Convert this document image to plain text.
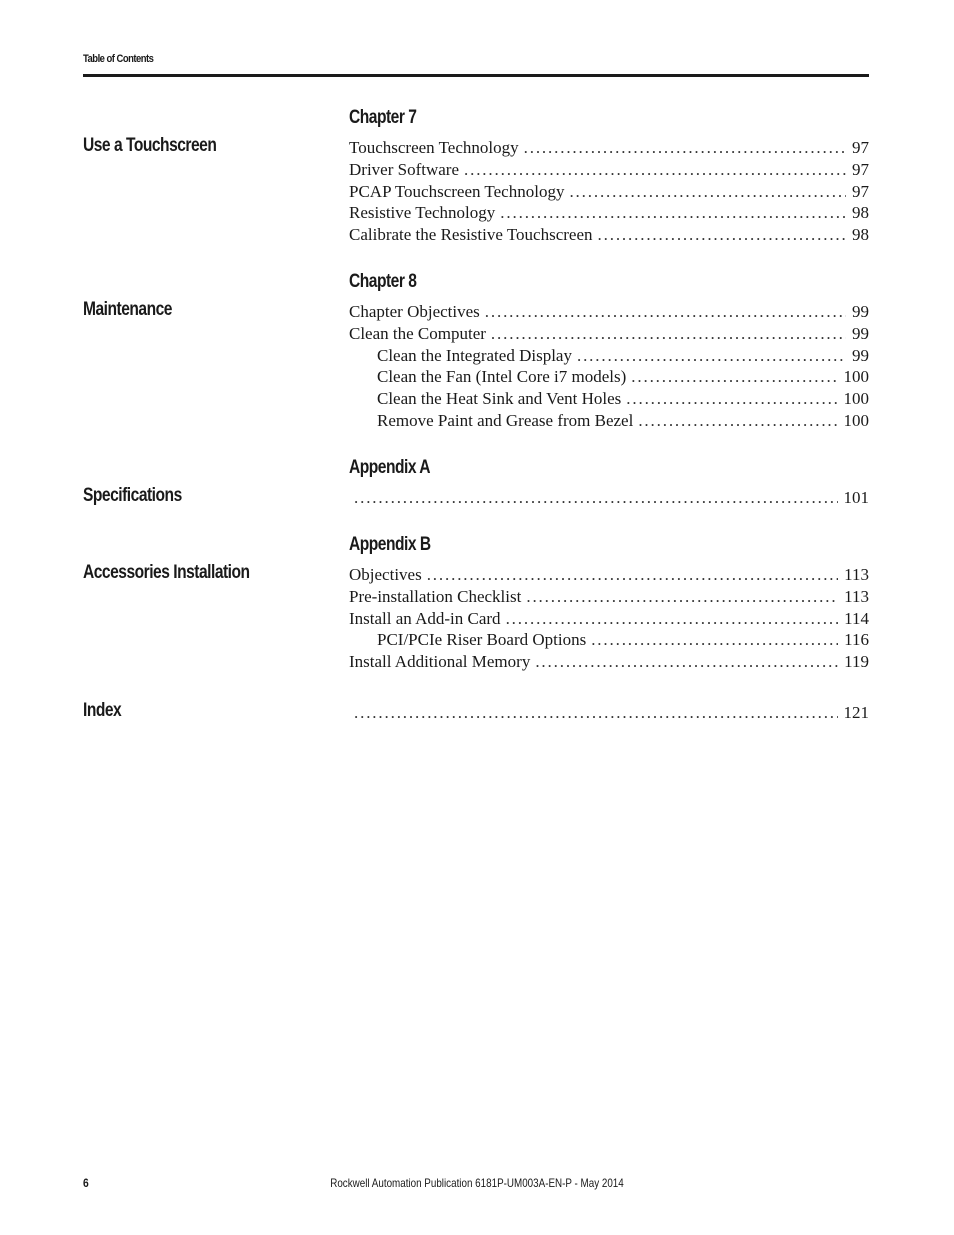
Table of Contents
Chapter 7
Use a Touchscreen	Touchscreen Technology . . .	97
Driver Software . . .	97
PCAP Touchscreen Technology . . .	97
Resistive Technology . . .	98
Calibrate the Resistive Touchscreen . . .	98
Chapter 8
Maintenance	Chapter Objectives . . .	99
Clean the Computer . . .	99
Clean the Integrated Display . . .	99
Clean the Fan (Intel Core i7 models) . . .	100
Clean the Heat Sink and Vent Holes . . .	100
Remove Paint and Grease from Bezel . . .	100
Appendix A
Specifications . . .	101
Appendix B
Accessories Installation	Objectives . . .	113
Pre-installation Checklist . . .	113
Install an Add-in Card . . .	114
PCI/PCIe Riser Board Options . . .	116
Install Additional Memory . . .	119
Index . . .	121
6	Rockwell Automation Publication 6181P-UM003A-EN-P - May 2014
